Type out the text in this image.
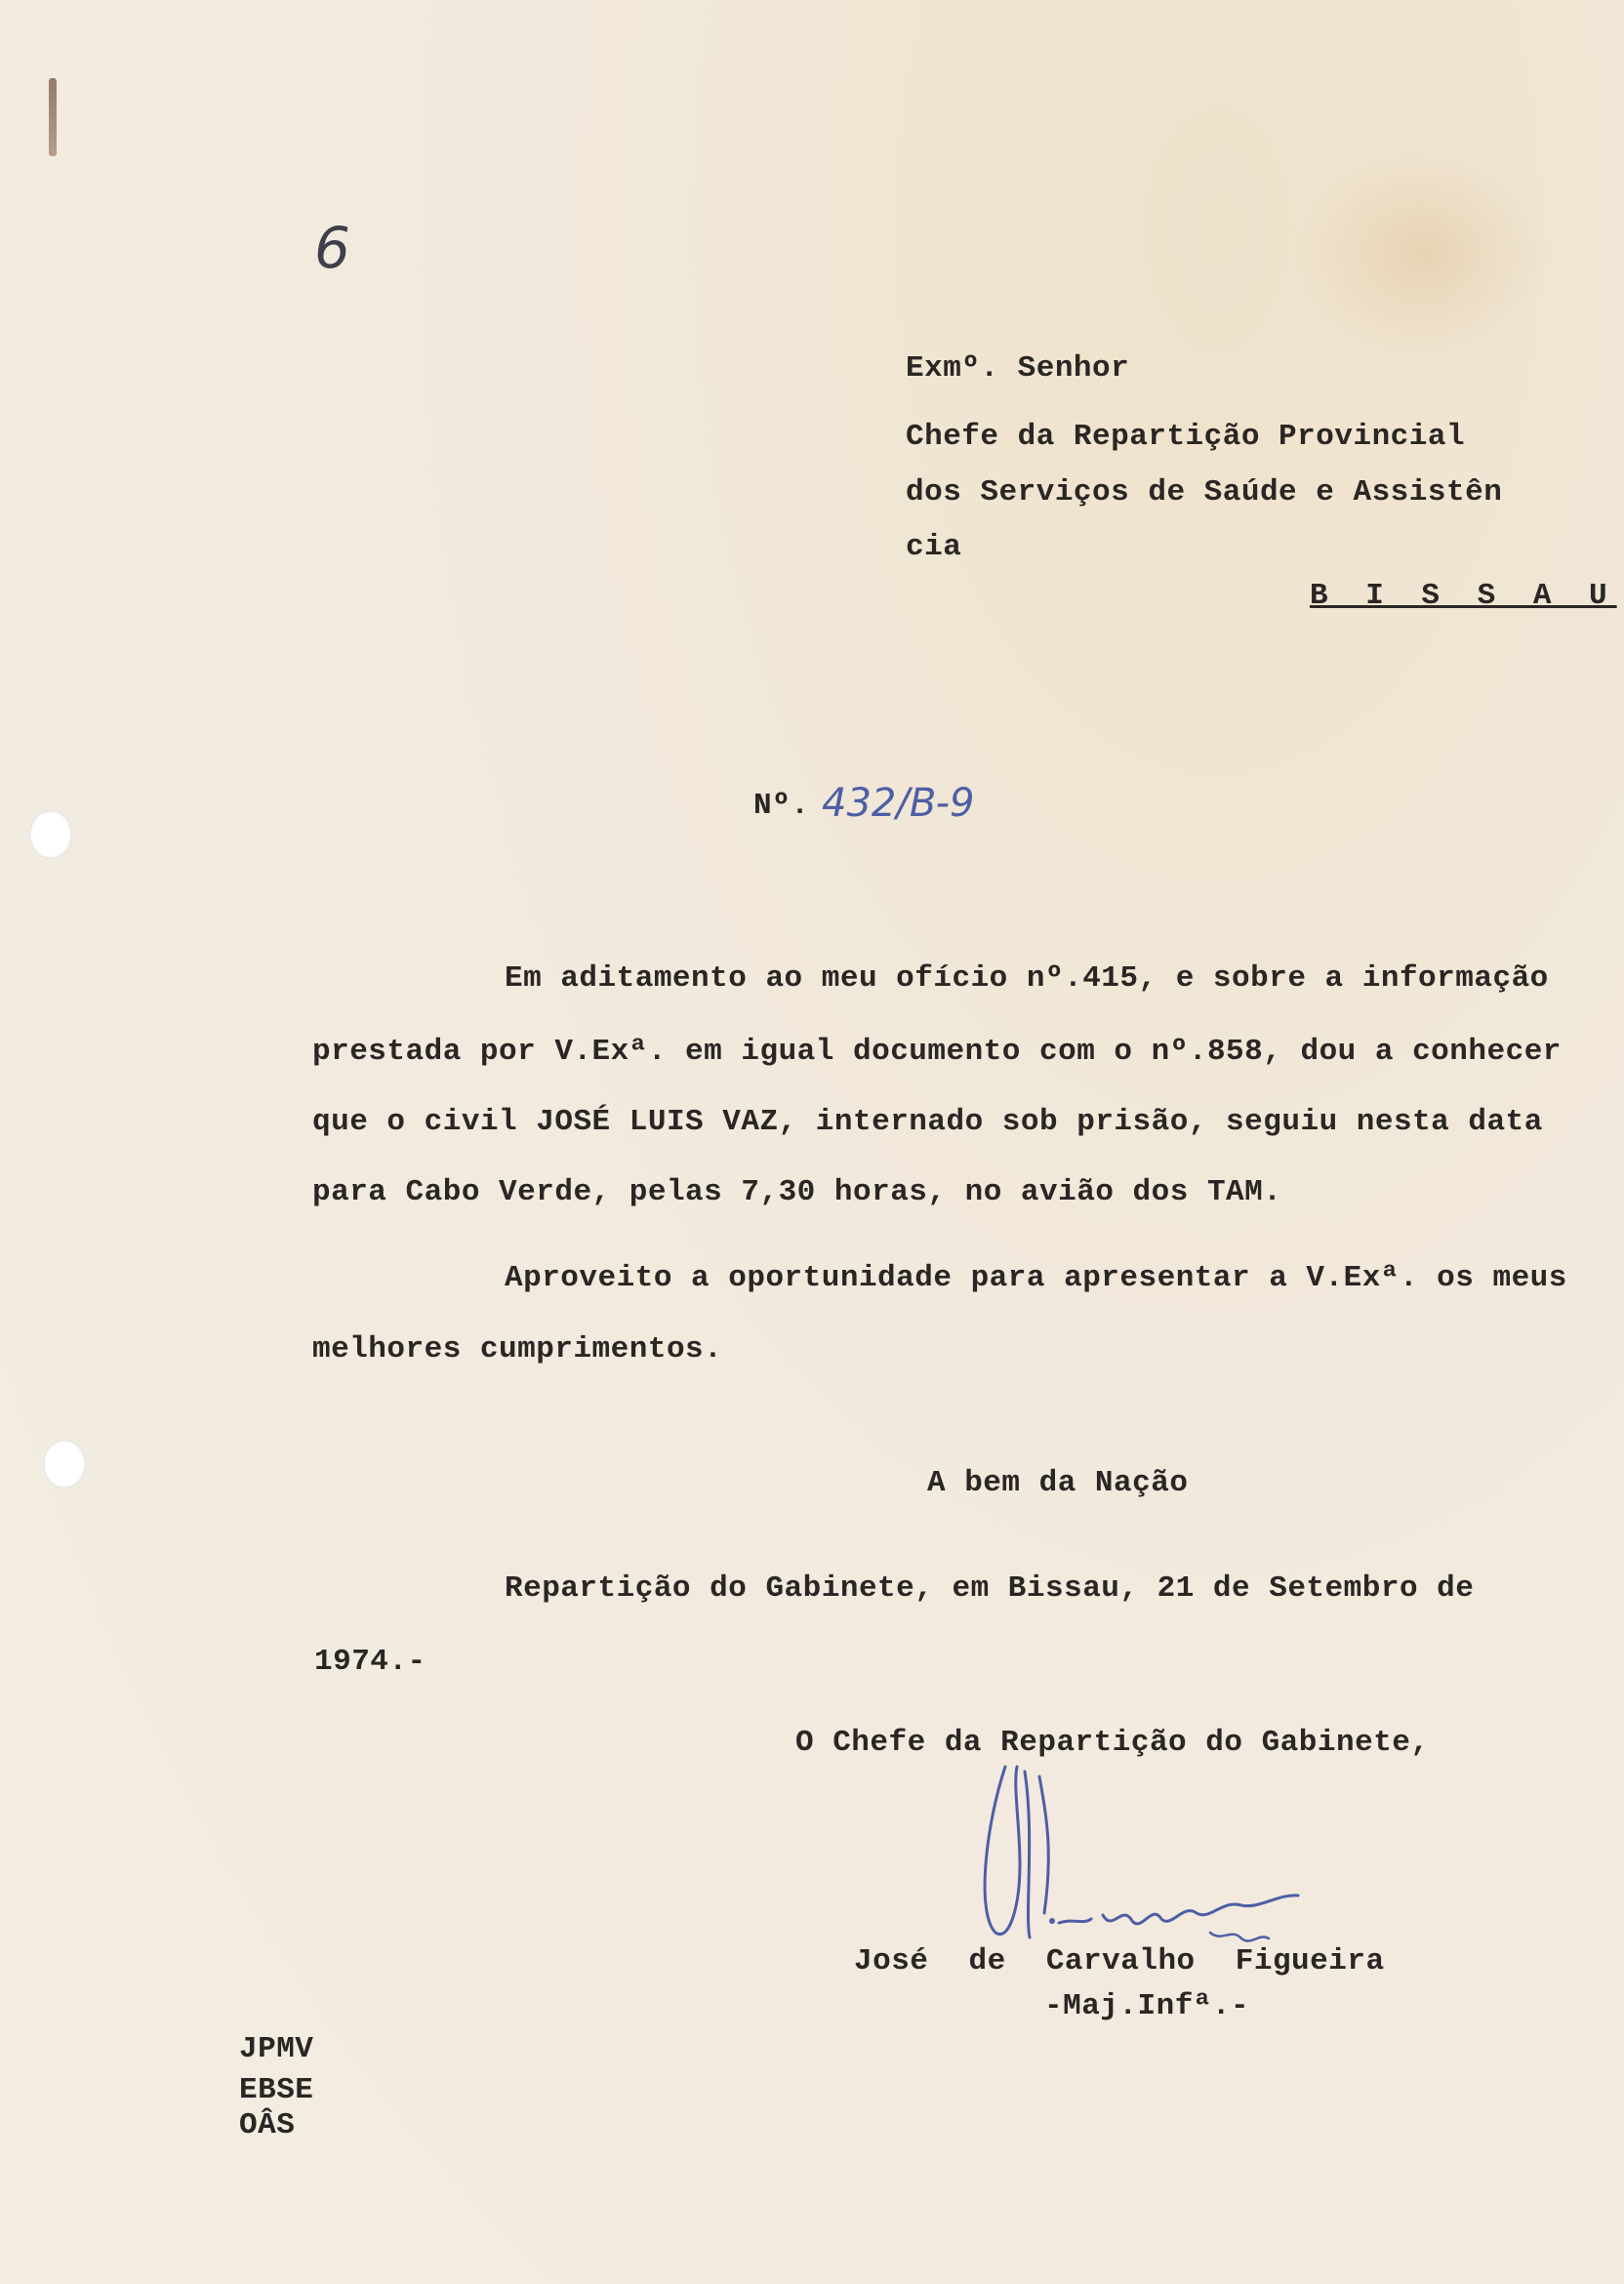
6
Exmº. Senhor
Chefe da Repartição Provincial
dos Serviços de Saúde e Assistên
cia
B I S S A U
Nº. 432/B-9
Em aditamento ao meu ofício nº.415, e sobre a informação
prestada por V.Exª. em igual documento com o nº.858, dou a conhecer
que o civil JOSÉ LUIS VAZ, internado sob prisão, seguiu nesta data
para Cabo Verde, pelas 7,30 horas, no avião dos TAM.
Aproveito a oportunidade para apresentar a V.Exª. os meus
melhores cumprimentos.
A bem da Nação
Repartição do Gabinete, em Bissau, 21 de Setembro de
1974.-
O Chefe da Repartição do Gabinete,
José de Carvalho Figueira
-Maj.Infª.-
JPMV
EBSE
OÂS
